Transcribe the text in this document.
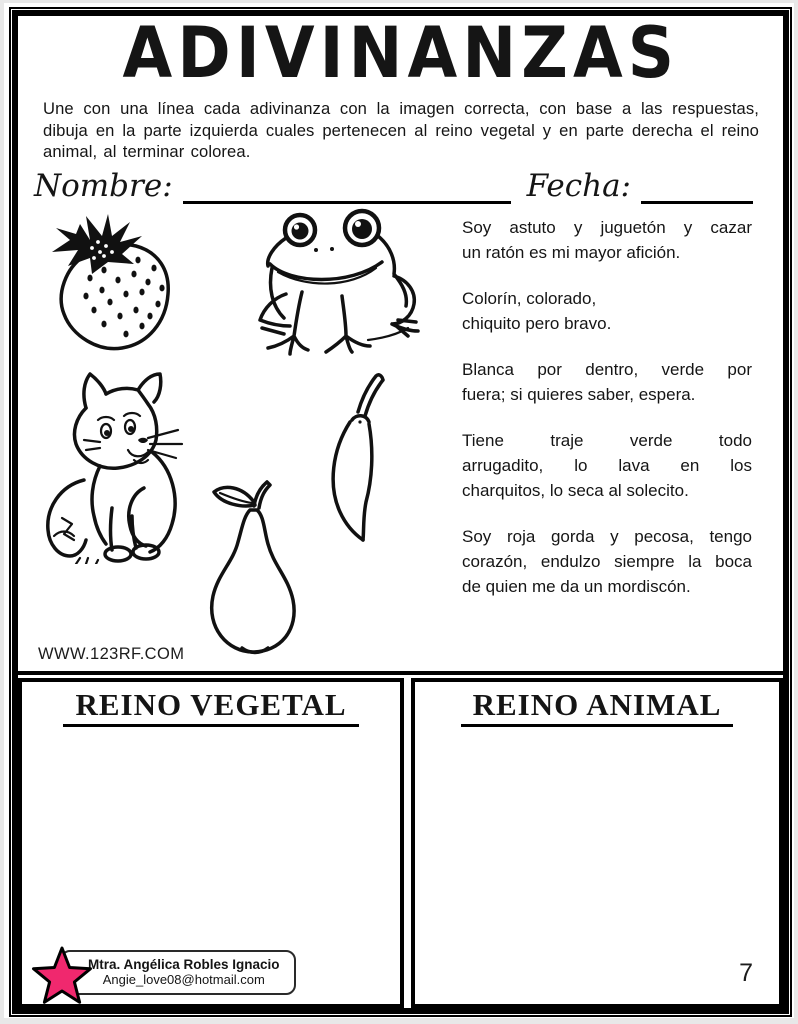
ADIVINANZAS
Une con una línea cada adivinanza con la imagen correcta, con base a las respuestas, dibuja en la parte izquierda cuales pertenecen al reino vegetal y en parte derecha el reino animal, al terminar colorea.
Nombre:	Fecha:
WWW.123RF.COM
Soy astuto y juguetón y cazar
un ratón es mi mayor afición.
Colorín, colorado,
chiquito pero bravo.
Blanca por dentro, verde por
fuera; si quieres saber, espera.
Tiene traje verde todo
arrugadito, lo lava en los
charquitos, lo seca al solecito.
Soy roja gorda y pecosa, tengo
corazón, endulzo siempre la boca
de quien me da un mordiscón.
REINO VEGETAL
Mtra. Angélica Robles Ignacio
Angie_love08@hotmail.com
REINO ANIMAL
7
